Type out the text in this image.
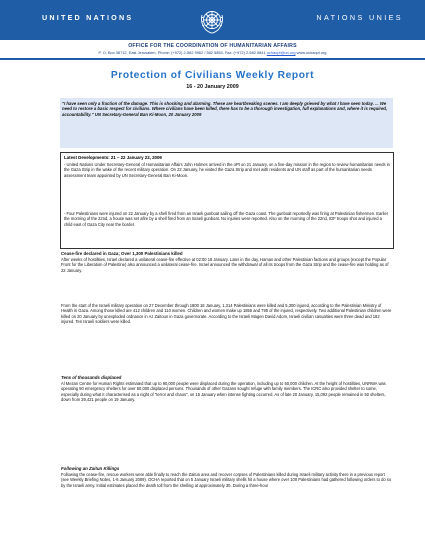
UNITED NATIONS	NATIONS UNIES
OFFICE FOR THE COORDINATION OF HUMANITARIAN AFFAIRS
P. O. Box 38712, East Jerusalem, Phone: (+972) 2-582 9962 / 582 5853, Fax: (+972) 2-582 5841 ochaopt@un.org www.ochaopt.org
Protection of Civilians Weekly Report
16 - 20 January 2009
"I have seen only a fraction of the damage. This is shocking and alarming. These are heartbreaking scenes. I am deeply grieved by what I have seen today. ... We need to restore a basic respect for civilians. Where civilians have been killed, there has to be a thorough investigation, full explanations and, where it is required, accountability." UN Secretary-General Ban Ki-Moon, 20 January 2009
Latest Developments: 21 – 22 January 22, 2009
- United Nations Under Secretary-General of Humanitarian Affairs John Holmes arrived in the oPt on 21 January, on a five-day mission in the region to review humanitarian needs in the Gaza Strip in the wake of the recent military operation. On 22 January, he visited the Gaza Strip and met with residents and UN staff as part of the humanitarian needs assessment team appointed by UN Secretary-General Ban Ki-Moon.
- Four Palestinians were injured on 22 January by a shell fired from an Israeli gunboat sailing off the Gaza coast. The gunboat reportedly was firing at Palestinian fishermen. Earlier the morning of the 22nd, a house was set afire by a shell fired from an Israeli gunboat. No injuries were reported. Also on the morning of the 22nd, IDF troops shot and injured a child east of Gaza City near the border.
Cease-fire declared in Gaza; Over 1,300 Palestinians killed
After weeks of hostilities, Israel declared a unilateral cease-fire effective at 02:00 18 January. Later in the day, Hamas and other Palestinian factions and groups (except the Popular Front for the Liberation of Palestine) also announced a unilateral cease-fire. Israel announced the withdrawal of all its troops from the Gaza Strip and the cease-fire was holding as of 22 January.
From the start of the Israeli military operation on 27 December through 1800 18 January, 1,314 Palestinians were killed and 5,300 injured, according to the Palestinian Ministry of Health in Gaza. Among those killed are 412 children and 110 women. Children and women make up 1855 and 795 of the injured, respectively. Two additional Palestinian children were killed on 20 January by unexploded ordnance in Az Zaitoun in Gaza governorate. According to the Israeli Magen David Adom, Israeli civilian casualties were three dead and 182 injured. Ten Israeli soldiers were killed.
Tens of thousands displaced
Al Mezan Centre for Human Rights estimated that up to 90,000 people were displaced during the operation, including up to 50,000 children. At the height of hostilities, UNRWA was operating 50 emergency shelters for over 50,000 displaced persons. Thousands of other Gazans sought refuge with family members. The ICRC also provided shelter to some, especially during what it characterised as a night of "terror and chaos", on 15 January when intense fighting occurred. As of late 20 January, 15,092 people remained in 50 shelters, down from 29,421 people on 19 January.
Following an Zaitun Killings
Following the cease-fire, rescue workers were able finally to reach the Zaitun area and recover corpses of Palestinians killed during Israeli military activity there in a previous report (see Weekly Briefing Notes, 1-6 January 2009). OCHA reported that on 5 January Israeli military shells hit a house where over 100 Palestinians had gathered following orders to do so by the Israeli army. Initial estimates placed the death toll from the shelling at approximately 30. During a three-hour
